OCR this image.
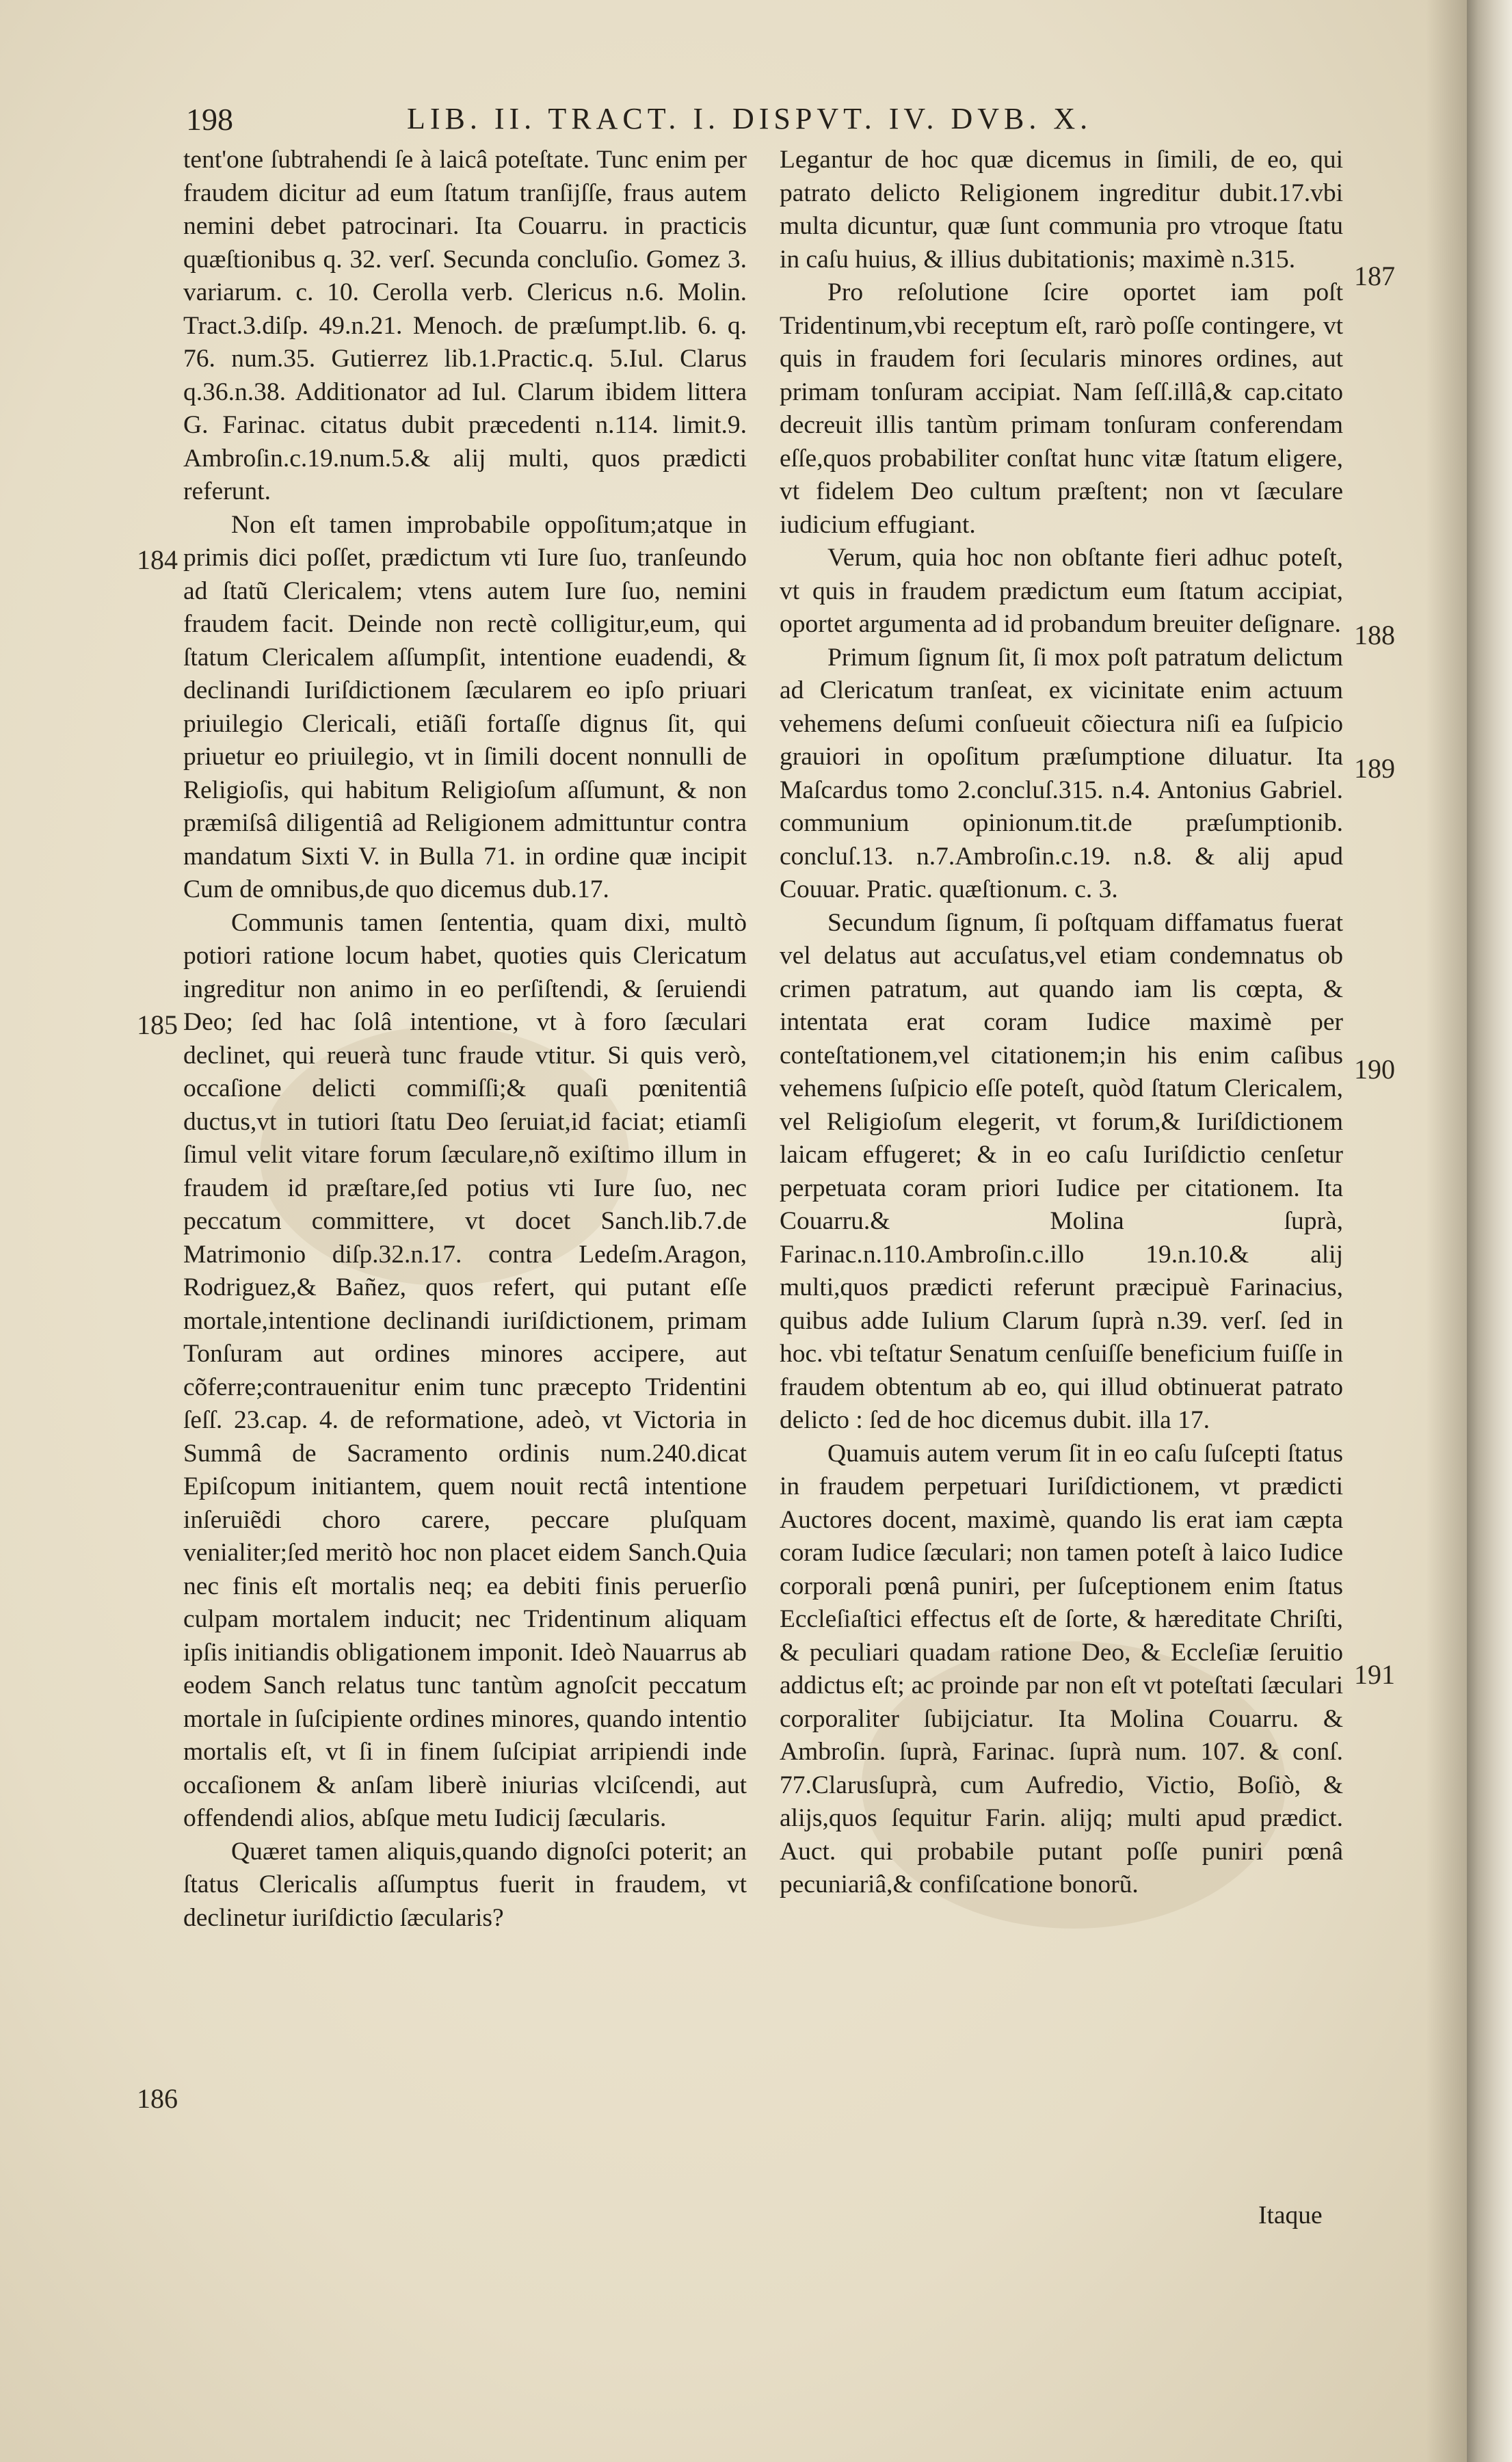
198	LIB. II. TRACT. I. DISPVT. IV. DVB. X.
184
185
186
187
188
189
190
191

tent'one ſubtrahendi ſe à laicâ poteſtate. Tunc enim per fraudem dicitur ad eum ſtatum tranſijſſe, fraus autem nemini debet patrocinari. Ita Couarru. in practicis quæſtionibus q. 32. verſ. Secunda concluſio. Gomez 3. variarum. c. 10. Cerolla verb. Clericus n.6. Molin. Tract.3.diſp. 49.n.21. Menoch. de præſumpt.lib. 6. q. 76. num.35. Gutierrez lib.1.Practic.q. 5.Iul. Clarus q.36.n.38. Additionator ad Iul. Clarum ibidem littera G. Farinac. citatus dubit præcedenti n.114. limit.9. Ambroſin.c.19.num.5.& alij multi, quos prædicti referunt.

Non eſt tamen improbabile oppoſitum;atque in primis dici poſſet, prædictum vti Iure ſuo, tranſeundo ad ſtatũ Clericalem; vtens autem Iure ſuo, nemini fraudem facit. Deinde non rectè colligitur,eum, qui ſtatum Clericalem aſſumpſit, intentione euadendi, & declinandi Iuriſdictionem ſæcularem eo ipſo priuari priuilegio Clericali, etiãſi fortaſſe dignus ſit, qui priuetur eo priuilegio, vt in ſimili docent nonnulli de Religioſis, qui habitum Religioſum aſſumunt, & non præmiſsâ diligentiâ ad Religionem admittuntur contra mandatum Sixti V. in Bulla 71. in ordine quæ incipit Cum de omnibus,de quo dicemus dub.17.

Communis tamen ſententia, quam dixi, multò potiori ratione locum habet, quoties quis Clericatum ingreditur non animo in eo perſiſtendi, & ſeruiendi Deo; ſed hac ſolâ intentione, vt à foro ſæculari declinet, qui reuerà tunc fraude vtitur. Si quis verò, occaſione delicti commiſſi;& quaſi pœnitentiâ ductus,vt in tutiori ſtatu Deo ſeruiat,id faciat; etiamſi ſimul velit vitare forum ſæculare,nõ exiſtimo illum in fraudem id præſtare,ſed potius vti Iure ſuo, nec peccatum committere, vt docet Sanch.lib.7.de Matrimonio diſp.32.n.17. contra Ledeſm.Aragon, Rodriguez,& Bañez, quos refert, qui putant eſſe mortale,intentione declinandi iuriſdictionem, primam Tonſuram aut ordines minores accipere, aut cõferre;contrauenitur enim tunc præcepto Tridentini ſeſſ. 23.cap. 4. de reformatione, adeò, vt Victoria in Summâ de Sacramento ordinis num.240.dicat Epiſcopum initiantem, quem nouit rectâ intentione inſeruiẽdi choro carere, peccare pluſquam venialiter;ſed meritò hoc non placet eidem Sanch.Quia nec finis eſt mortalis neq; ea debiti finis peruerſio culpam mortalem inducit; nec Tridentinum aliquam ipſis initiandis obligationem imponit. Ideò Nauarrus ab eodem Sanch relatus tunc tantùm agnoſcit peccatum mortale in ſuſcipiente ordines minores, quando intentio mortalis eſt, vt ſi in finem ſuſcipiat arripiendi inde occaſionem & anſam liberè iniurias vlciſcendi, aut offendendi alios, abſque metu Iudicij ſæcularis.

Quæret tamen aliquis,quando dignoſci poterit; an ſtatus Clericalis aſſumptus fuerit in fraudem, vt declinetur iuriſdictio ſæcularis?

Legantur de hoc quæ dicemus in ſimili, de eo, qui patrato delicto Religionem ingreditur dubit.17.vbi multa dicuntur, quæ ſunt communia pro vtroque ſtatu in caſu huius, & illius dubitationis; maximè n.315.

Pro reſolutione ſcire oportet iam poſt Tridentinum,vbi receptum eſt, rarò poſſe contingere, vt quis in fraudem fori ſecularis minores ordines, aut primam tonſuram accipiat. Nam ſeſſ.illâ,& cap.citato decreuit illis tantùm primam tonſuram conferendam eſſe,quos probabiliter conſtat hunc vitæ ſtatum eligere, vt fidelem Deo cultum præſtent; non vt ſæculare iudicium effugiant.

Verum, quia hoc non obſtante fieri adhuc poteſt, vt quis in fraudem prædictum eum ſtatum accipiat, oportet argumenta ad id probandum breuiter deſignare.

Primum ſignum ſit, ſi mox poſt patratum delictum ad Clericatum tranſeat, ex vicinitate enim actuum vehemens deſumi conſueuit cõiectura niſi ea ſuſpicio grauiori in opoſitum præſumptione diluatur. Ita Maſcardus tomo 2.concluſ.315. n.4. Antonius Gabriel. communium opinionum.tit.de præſumptionib. concluſ.13. n.7.Ambroſin.c.19. n.8. & alij apud Couuar. Pratic. quæſtionum. c. 3.

Secundum ſignum, ſi poſtquam diffamatus fuerat vel delatus aut accuſatus,vel etiam condemnatus ob crimen patratum, aut quando iam lis cœpta, & intentata erat coram Iudice maximè per conteſtationem,vel citationem;in his enim caſibus vehemens ſuſpicio eſſe poteſt, quòd ſtatum Clericalem, vel Religioſum elegerit, vt forum,& Iuriſdictionem laicam effugeret; & in eo caſu Iuriſdictio cenſetur perpetuata coram priori Iudice per citationem. Ita Couarru.& Molina ſuprà, Farinac.n.110.Ambroſin.c.illo 19.n.10.& alij multi,quos prædicti referunt præcipuè Farinacius, quibus adde Iulium Clarum ſuprà n.39. verſ. ſed in hoc. vbi teſtatur Senatum cenſuiſſe beneficium fuiſſe in fraudem obtentum ab eo, qui illud obtinuerat patrato delicto : ſed de hoc dicemus dubit. illa 17.

Quamuis autem verum ſit in eo caſu ſuſcepti ſtatus in fraudem perpetuari Iuriſdictionem, vt prædicti Auctores docent, maximè, quando lis erat iam cæpta coram Iudice ſæculari; non tamen poteſt à laico Iudice corporali pœnâ puniri, per ſuſceptionem enim ſtatus Eccleſiaſtici effectus eſt de ſorte, & hæreditate Chriſti, & peculiari quadam ratione Deo, & Eccleſiæ ſeruitio addictus eſt; ac proinde par non eſt vt poteſtati ſæculari corporaliter ſubijciatur. Ita Molina Couarru. & Ambroſin. ſuprà, Farinac. ſuprà num. 107. & conſ. 77.Clarusſuprà, cum Aufredio, Victio, Boſiò, & alijs,quos ſequitur Farin. alijq; multi apud prædict. Auct. qui probabile putant poſſe puniri pœnâ pecuniariâ,& confiſcatione bonorũ.

Itaque
